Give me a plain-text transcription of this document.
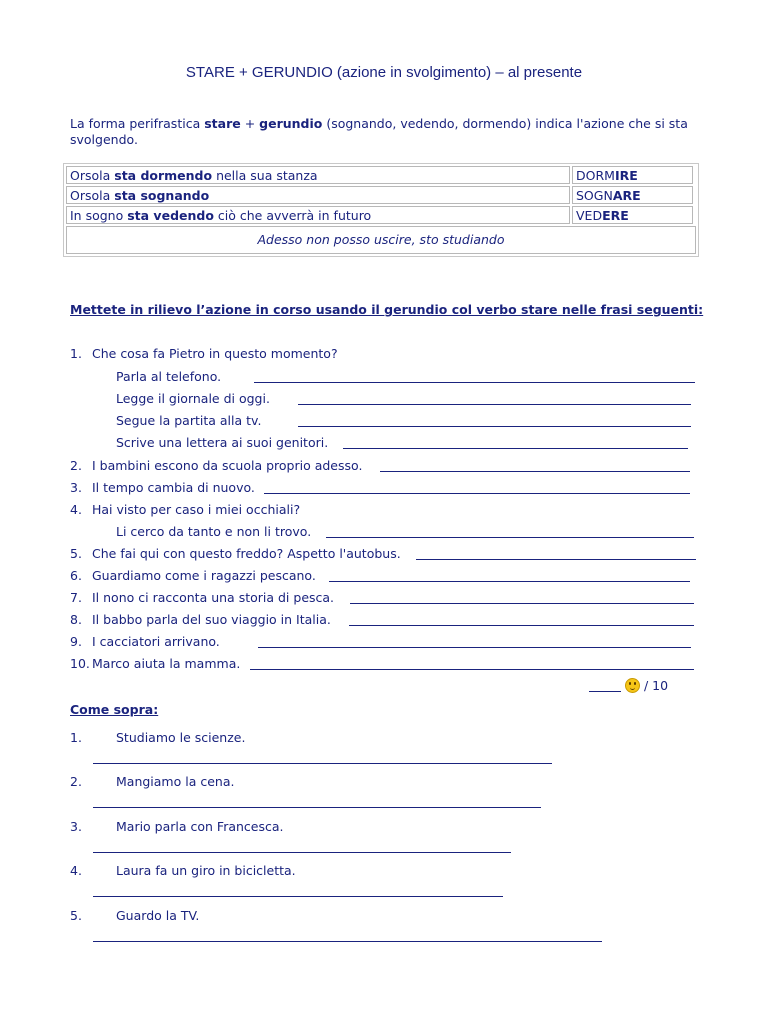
STARE + GERUNDIO (azione in svolgimento) – al presente
La forma perifrastica stare + gerundio (sognando, vedendo, dormendo) indica l'azione che si sta svolgendo.
Orsola sta dormendo nella sua stanza	DORMIRE
Orsola sta sognando	SOGNARE
In sogno sta vedendo ciò che avverrà in futuro	VEDERE
Adesso non posso uscire, sto studiando
Mettete in rilievo l’azione in corso usando il gerundio col verbo stare nelle frasi seguenti:
1. Che cosa fa Pietro in questo momento?
Parla al telefono.
Legge il giornale di oggi.
Segue la partita alla tv.
Scrive una lettera ai suoi genitori.
2. I bambini escono da scuola proprio adesso.
3. Il tempo cambia di nuovo.
4. Hai visto per caso i miei occhiali?
Li cerco da tanto e non li trovo.
5. Che fai qui con questo freddo? Aspetto l'autobus.
6. Guardiamo come i ragazzi pescano.
7. Il nono ci racconta una storia di pesca.
8. Il babbo parla del suo viaggio in Italia.
9. I cacciatori arrivano.
10. Marco aiuta la mamma.
/ 10
Come sopra:
1.	Studiamo le scienze.
2.	Mangiamo la cena.
3.	Mario parla con Francesca.
4.	Laura fa un giro in bicicletta.
5.	Guardo la TV.
